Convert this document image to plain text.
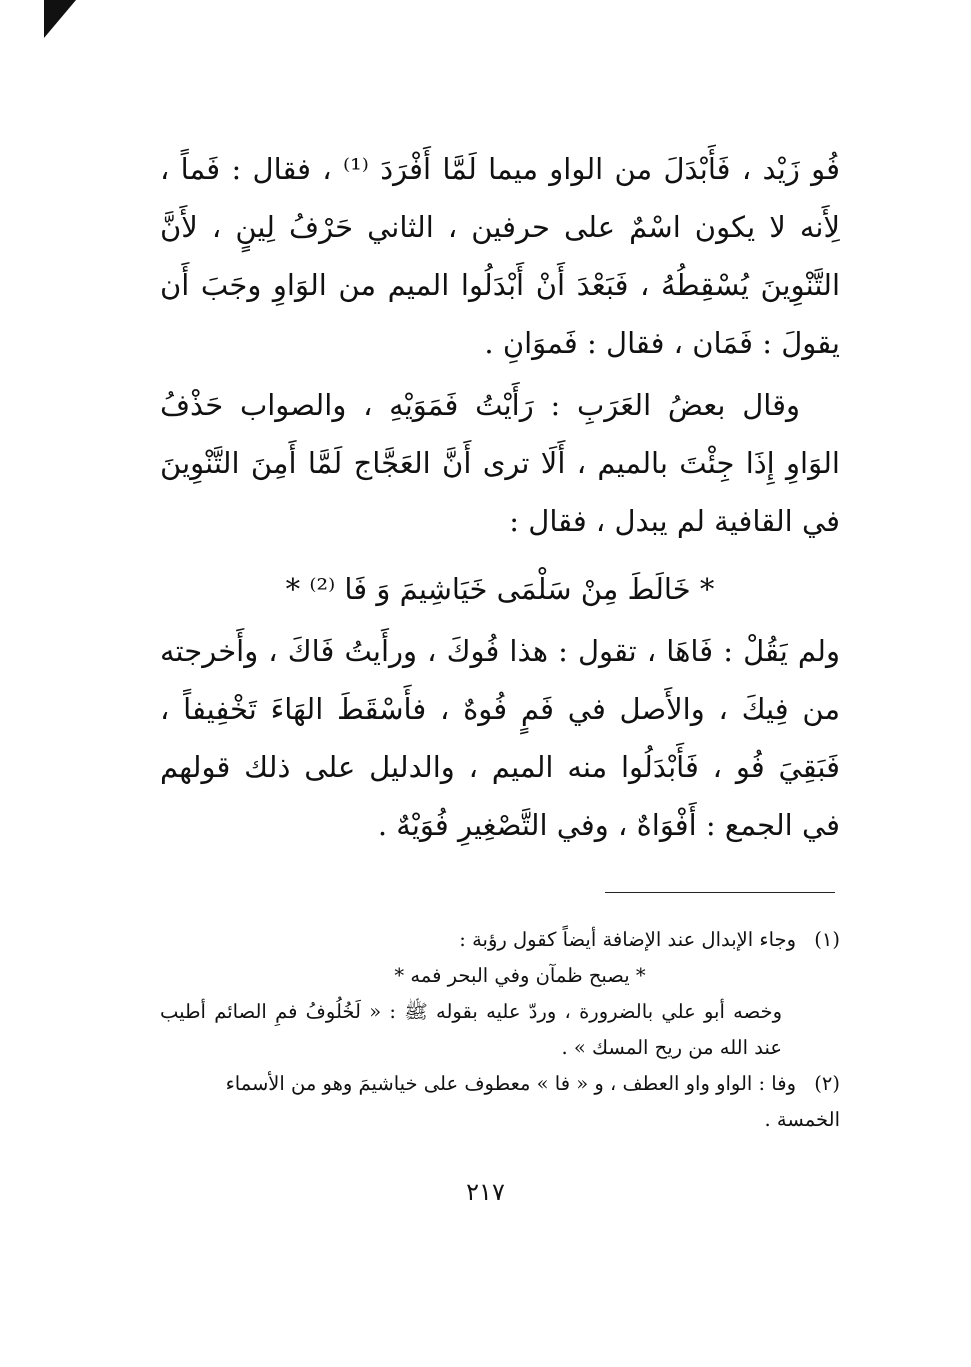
فُو زَيْد ، فَأَبْدَلَ من الواو ميما لَمَّا أَفْرَدَ ⁽¹⁾ ، فقال : فَماً ، لِأَنه لا يكون اسْمٌ على حرفين ، الثاني حَرْفُ لِينٍ ، لأَنَّ التَّنْوِينَ يُسْقِطُهُ ، فَبَعْدَ أَنْ أَبْدَلُوا الميم من الوَاوِ وجَبَ أَن يقولَ : فَمَان ، فقال : فَموَانِ .

وقال بعضُ العَرَبِ : رَأَيْتُ فَمَوَيْهِ ، والصواب حَذْفُ الوَاوِ إِذَا جِئْتَ بالميم ، أَلَا ترى أَنَّ العَجَّاج لَمَّا أَمِنَ التَّنْوِينَ في القافية لم يبدل ، فقال :

* خَالَطَ مِنْ سَلْمَى خَيَاشِيمَ وَ فَا ⁽²⁾ *

ولم يَقُلْ : فَاهَا ، تقول : هذا فُوكَ ، ورأَيتُ فَاكَ ، وأَخرجته من فِيكَ ، والأَصل في فَمٍ فُوهٌ ، فأَسْقَطَ الهَاءَ تَخْفِيفاً ، فَبَقِيَ فُو ، فَأَبْدَلُوا منه الميم ، والدليل على ذلك قولهم في الجمع : أَفْوَاهٌ ، وفي التَّصْغِيرِ فُوَيْهٌ .

(١)وجاء الإبدال عند الإضافة أيضاً كقول رؤبة :

* يصبح ظمآن وفي البحر فمه *

وخصه أبو علي بالضرورة ، وردّ عليه بقوله ﷺ : « لَخُلُوفُ فمِ الصائم أطيب عند الله من ريح المسك » .

(٢)وفا : الواو واو العطف ، و « فا » معطوف على خياشيمَ وهو من الأسماء الخمسة .

٢١٧
